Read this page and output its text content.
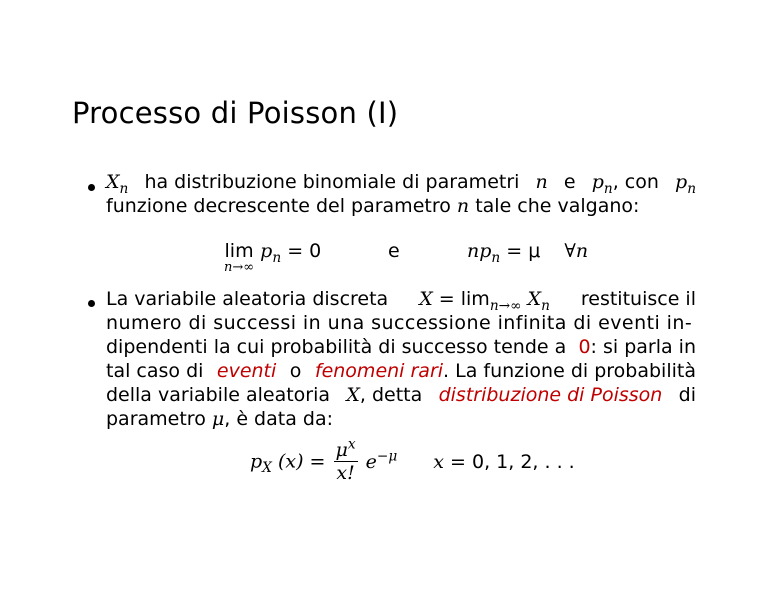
Processo di Poisson (I)
$X_n$ ha distribuzione binomiale di parametri n e $p_n$, con $p_n$
funzione decrescente del parametro n tale che valgano:
lim
n→∞
$p_n = 0$	e	$np_n = \mu$ ∀n
La variabile aleatoria discreta $X = \lim_{n\to\infty} X_n$ restituisce il
numero di successi in una successione infinita di eventi in-
dipendenti la cui probabilità di successo tende a 0: si parla in
tal caso di eventi o fenomeni rari. La funzione di probabilità
della variabile aleatoria X, detta distribuzione di Poisson di
parametro μ, è data da:
$p_X$ $(x) = \frac{\mu^x}{x!} e^{-\mu}$ x = 0, 1, 2, . . .
